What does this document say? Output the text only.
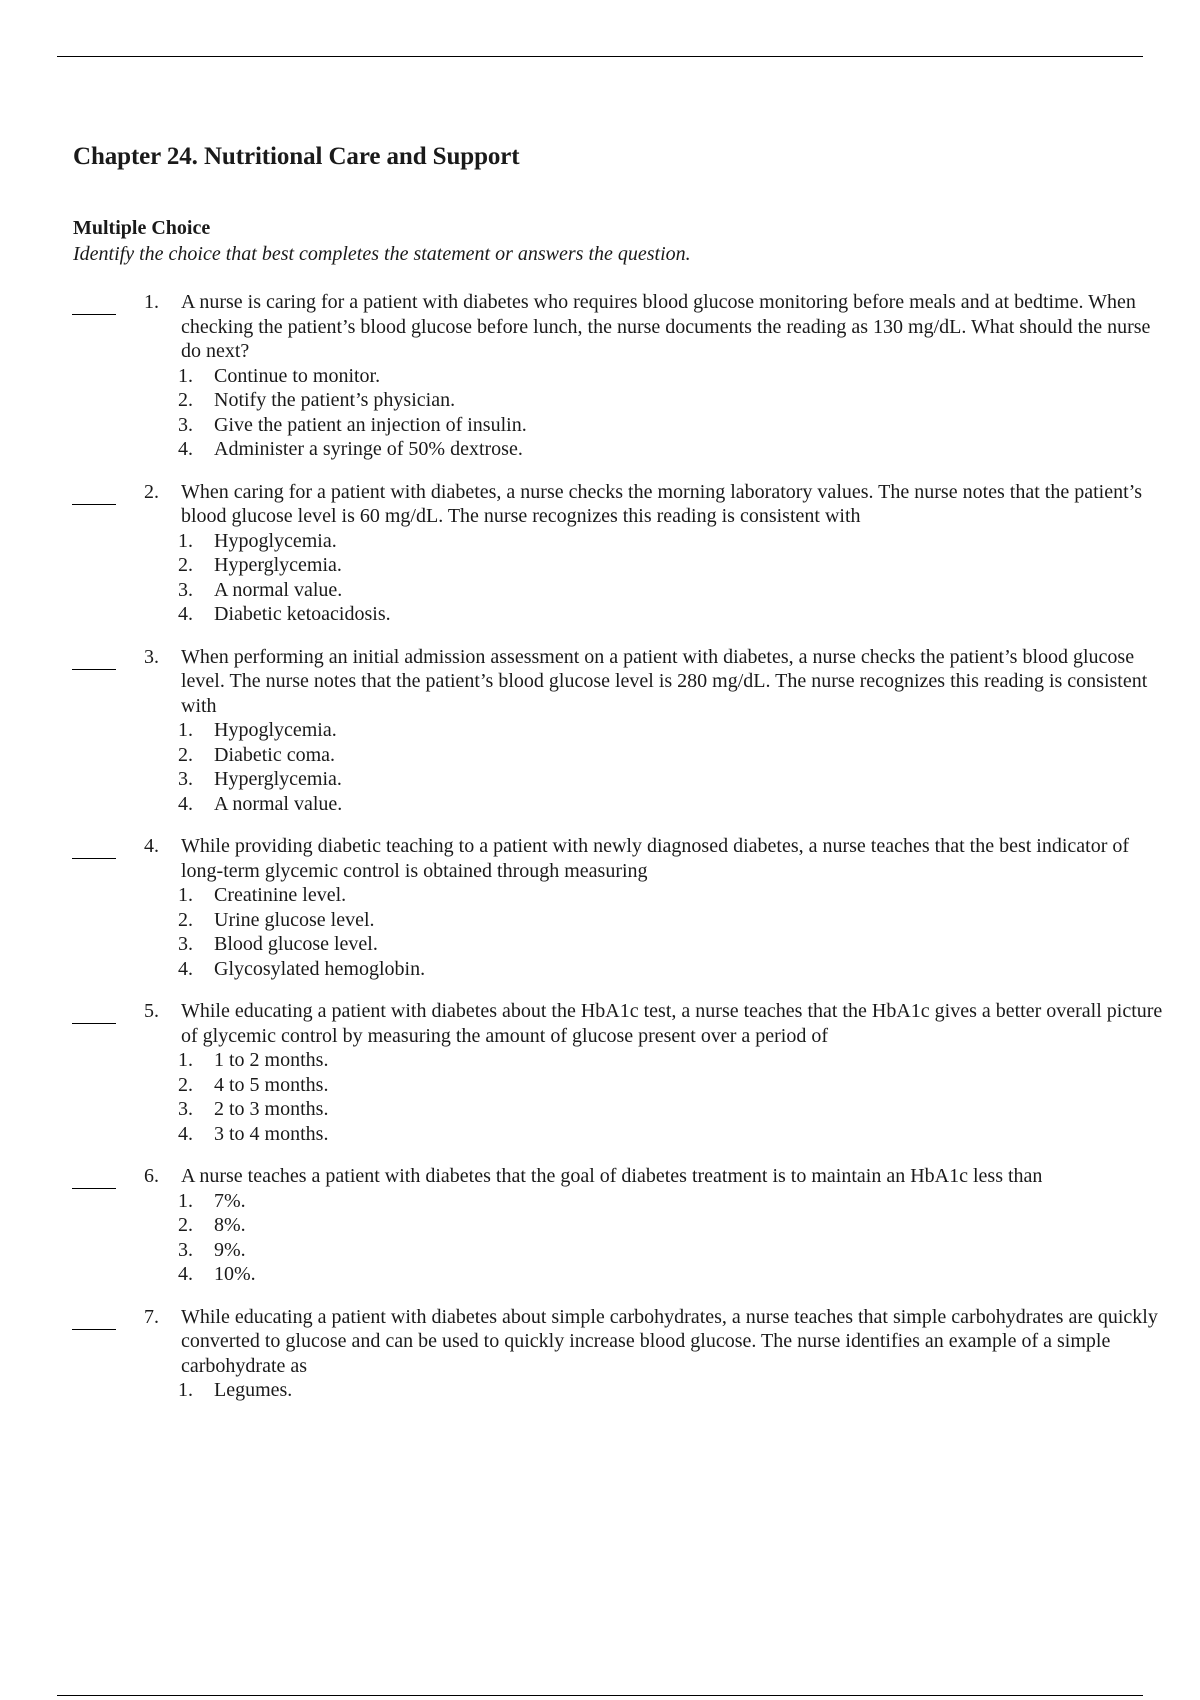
Chapter 24. Nutritional Care and Support
Multiple Choice

Identify the choice that best completes the statement or answers the question.

1. A nurse is caring for a patient with diabetes who requires blood glucose monitoring before meals and at bedtime. When checking the patient’s blood glucose before lunch, the nurse documents the reading as 130 mg/dL. What should the nurse do next?

1. Continue to monitor.
2. Notify the patient’s physician.
3. Give the patient an injection of insulin.
4. Administer a syringe of 50% dextrose.
2. When caring for a patient with diabetes, a nurse checks the morning laboratory values. The nurse notes that the patient’s blood glucose level is 60 mg/dL. The nurse recognizes this reading is consistent with

1. Hypoglycemia.
2. Hyperglycemia.
3. A normal value.
4. Diabetic ketoacidosis.
3. When performing an initial admission assessment on a patient with diabetes, a nurse checks the patient’s blood glucose level. The nurse notes that the patient’s blood glucose level is 280 mg/dL. The nurse recognizes this reading is consistent with

1. Hypoglycemia.
2. Diabetic coma.
3. Hyperglycemia.
4. A normal value.
4. While providing diabetic teaching to a patient with newly diagnosed diabetes, a nurse teaches that the best indicator of long-term glycemic control is obtained through measuring

1. Creatinine level.
2. Urine glucose level.
3. Blood glucose level.
4. Glycosylated hemoglobin.
5. While educating a patient with diabetes about the HbA1c test, a nurse teaches that the HbA1c gives a better overall picture of glycemic control by measuring the amount of glucose present over a period of

1. 1 to 2 months.
2. 4 to 5 months.
3. 2 to 3 months.
4. 3 to 4 months.
6. A nurse teaches a patient with diabetes that the goal of diabetes treatment is to maintain an HbA1c less than

1. 7%.
2. 8%.
3. 9%.
4. 10%.
7. While educating a patient with diabetes about simple carbohydrates, a nurse teaches that simple carbohydrates are quickly converted to glucose and can be used to quickly increase blood glucose. The nurse identifies an example of a simple carbohydrate as

1. Legumes.
